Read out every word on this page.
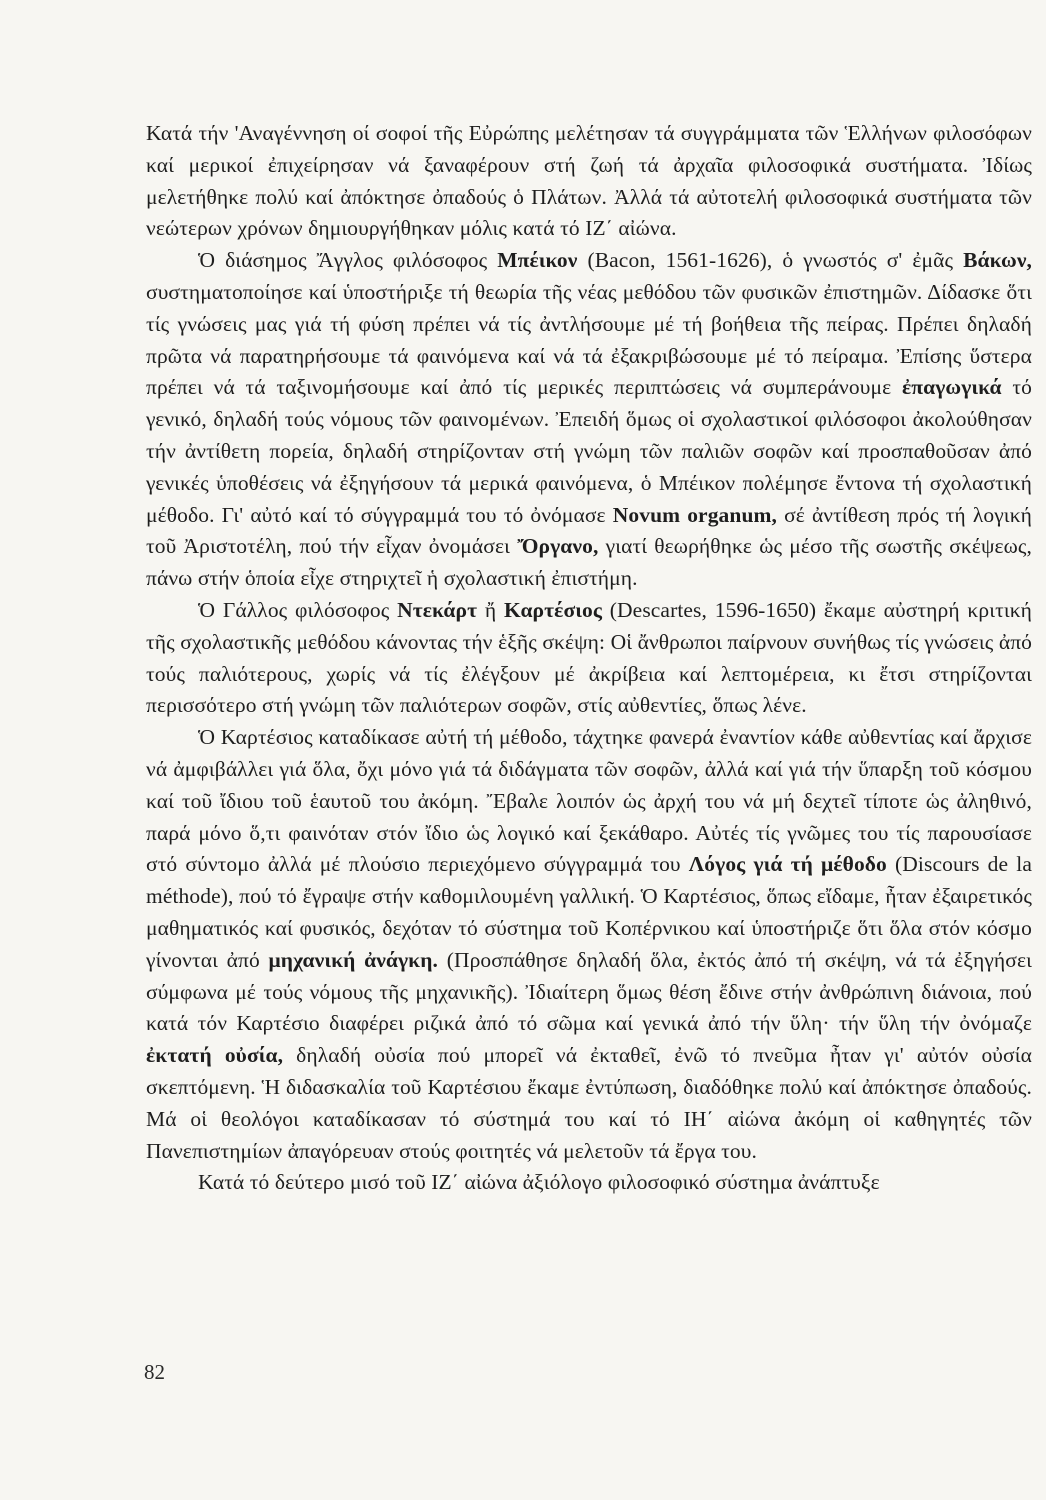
Κατά τήν 'Αναγέννηση οί σοφοί τῆς Εὐρώπης μελέτησαν τά συγγράμματα τῶν Ἑλλήνων φιλοσόφων καί μερικοί ἐπιχείρησαν νά ξαναφέρουν στή ζωή τά ἀρχαῖα φιλοσοφικά συστήματα. Ἰδίως μελετήθηκε πολύ καί ἀπόκτησε ὀπαδούς ὁ Πλάτων. Ἀλλά τά αὐτοτελή φιλοσοφικά συστήματα τῶν νεώτερων χρόνων δημιουργήθηκαν μόλις κατά τό ΙΖ΄ αἰώνα.

Ὁ διάσημος Ἄγγλος φιλόσοφος Μπέικον (Bacon, 1561-1626), ὁ γνωστός σ' ἐμᾶς Βάκων, συστηματοποίησε καί ὑποστήριξε τή θεωρία τῆς νέας μεθόδου τῶν φυσικῶν ἐπιστημῶν. Δίδασκε ὅτι τίς γνώσεις μας γιά τή φύση πρέπει νά τίς ἀντλήσουμε μέ τή βοήθεια τῆς πείρας. Πρέπει δηλαδή πρῶτα νά παρατηρήσουμε τά φαινόμενα καί νά τά ἐξακριβώσουμε μέ τό πείραμα. Ἐπίσης ὕστερα πρέπει νά τά ταξινομήσουμε καί ἀπό τίς μερικές περιπτώσεις νά συμπεράνουμε ἐπαγωγικά τό γενικό, δηλαδή τούς νόμους τῶν φαινομένων. Ἐπειδή ὅμως οἱ σχολαστικοί φιλόσοφοι ἀκολούθησαν τήν ἀντίθετη πορεία, δηλαδή στηρίζονταν στή γνώμη τῶν παλιῶν σοφῶν καί προσπαθοῦσαν ἀπό γενικές ὑποθέσεις νά ἐξηγήσουν τά μερικά φαινόμενα, ὁ Μπέικον πολέμησε ἔντονα τή σχολαστική μέθοδο. Γι' αὐτό καί τό σύγγραμμά του τό ὀνόμασε Novum organum, σέ ἀντίθεση πρός τή λογική τοῦ Ἀριστοτέλη, πού τήν εἶχαν ὀνομάσει Ὄργανο, γιατί θεωρήθηκε ὡς μέσο τῆς σωστῆς σκέψεως, πάνω στήν ὁποία εἶχε στηριχτεῖ ἡ σχολαστική ἐπιστήμη.

Ὁ Γάλλος φιλόσοφος Ντεκάρτ ἤ Καρτέσιος (Descartes, 1596-1650) ἔκαμε αὐστηρή κριτική τῆς σχολαστικῆς μεθόδου κάνοντας τήν ἑξῆς σκέψη: Οἱ ἄνθρωποι παίρνουν συνήθως τίς γνώσεις ἀπό τούς παλιότερους, χωρίς νά τίς ἐλέγξουν μέ ἀκρίβεια καί λεπτομέρεια, κι ἔτσι στηρίζονται περισσότερο στή γνώμη τῶν παλιότερων σοφῶν, στίς αὐθεντίες, ὅπως λένε.

Ὁ Καρτέσιος καταδίκασε αὐτή τή μέθοδο, τάχτηκε φανερά ἐναντίον κάθε αὐθεντίας καί ἄρχισε νά ἀμφιβάλλει γιά ὅλα, ὄχι μόνο γιά τά διδάγματα τῶν σοφῶν, ἀλλά καί γιά τήν ὕπαρξη τοῦ κόσμου καί τοῦ ἴδιου τοῦ ἑαυτοῦ του ἀκόμη. Ἔβαλε λοιπόν ὡς ἀρχή του νά μή δεχτεῖ τίποτε ὡς ἀληθινό, παρά μόνο ὅ,τι φαινόταν στόν ἴδιο ὡς λογικό καί ξεκάθαρο. Αὐτές τίς γνῶμες του τίς παρουσίασε στό σύντομο ἀλλά μέ πλούσιο περιεχόμενο σύγγραμμά του Λόγος γιά τή μέθοδο (Discours de la méthode), πού τό ἔγραψε στήν καθομιλουμένη γαλλική. Ὁ Καρτέσιος, ὅπως εἴδαμε, ἦταν ἐξαιρετικός μαθηματικός καί φυσικός, δεχόταν τό σύστημα τοῦ Κοπέρνικου καί ὑποστήριζε ὅτι ὅλα στόν κόσμο γίνονται ἀπό μηχανική ἀνάγκη. (Προσπάθησε δηλαδή ὅλα, ἐκτός ἀπό τή σκέψη, νά τά ἐξηγήσει σύμφωνα μέ τούς νόμους τῆς μηχανικῆς). Ἰδιαίτερη ὅμως θέση ἔδινε στήν ἀνθρώπινη διάνοια, πού κατά τόν Καρτέσιο διαφέρει ριζικά ἀπό τό σῶμα καί γενικά ἀπό τήν ὕλη· τήν ὕλη τήν ὀνόμαζε ἐκτατή οὐσία, δηλαδή οὐσία πού μπορεῖ νά ἐκταθεῖ, ἐνῶ τό πνεῦμα ἦταν γι' αὐτόν οὐσία σκεπτόμενη. Ἡ διδασκαλία τοῦ Καρτέσιου ἔκαμε ἐντύπωση, διαδόθηκε πολύ καί ἀπόκτησε ὀπαδούς. Μά οἱ θεολόγοι καταδίκασαν τό σύστημά του καί τό ΙΗ΄ αἰώνα ἀκόμη οἱ καθηγητές τῶν Πανεπιστημίων ἀπαγόρευαν στούς φοιτητές νά μελετοῦν τά ἔργα του.

Κατά τό δεύτερο μισό τοῦ ΙΖ΄ αἰώνα ἀξιόλογο φιλοσοφικό σύστημα ἀνάπτυξε

82
